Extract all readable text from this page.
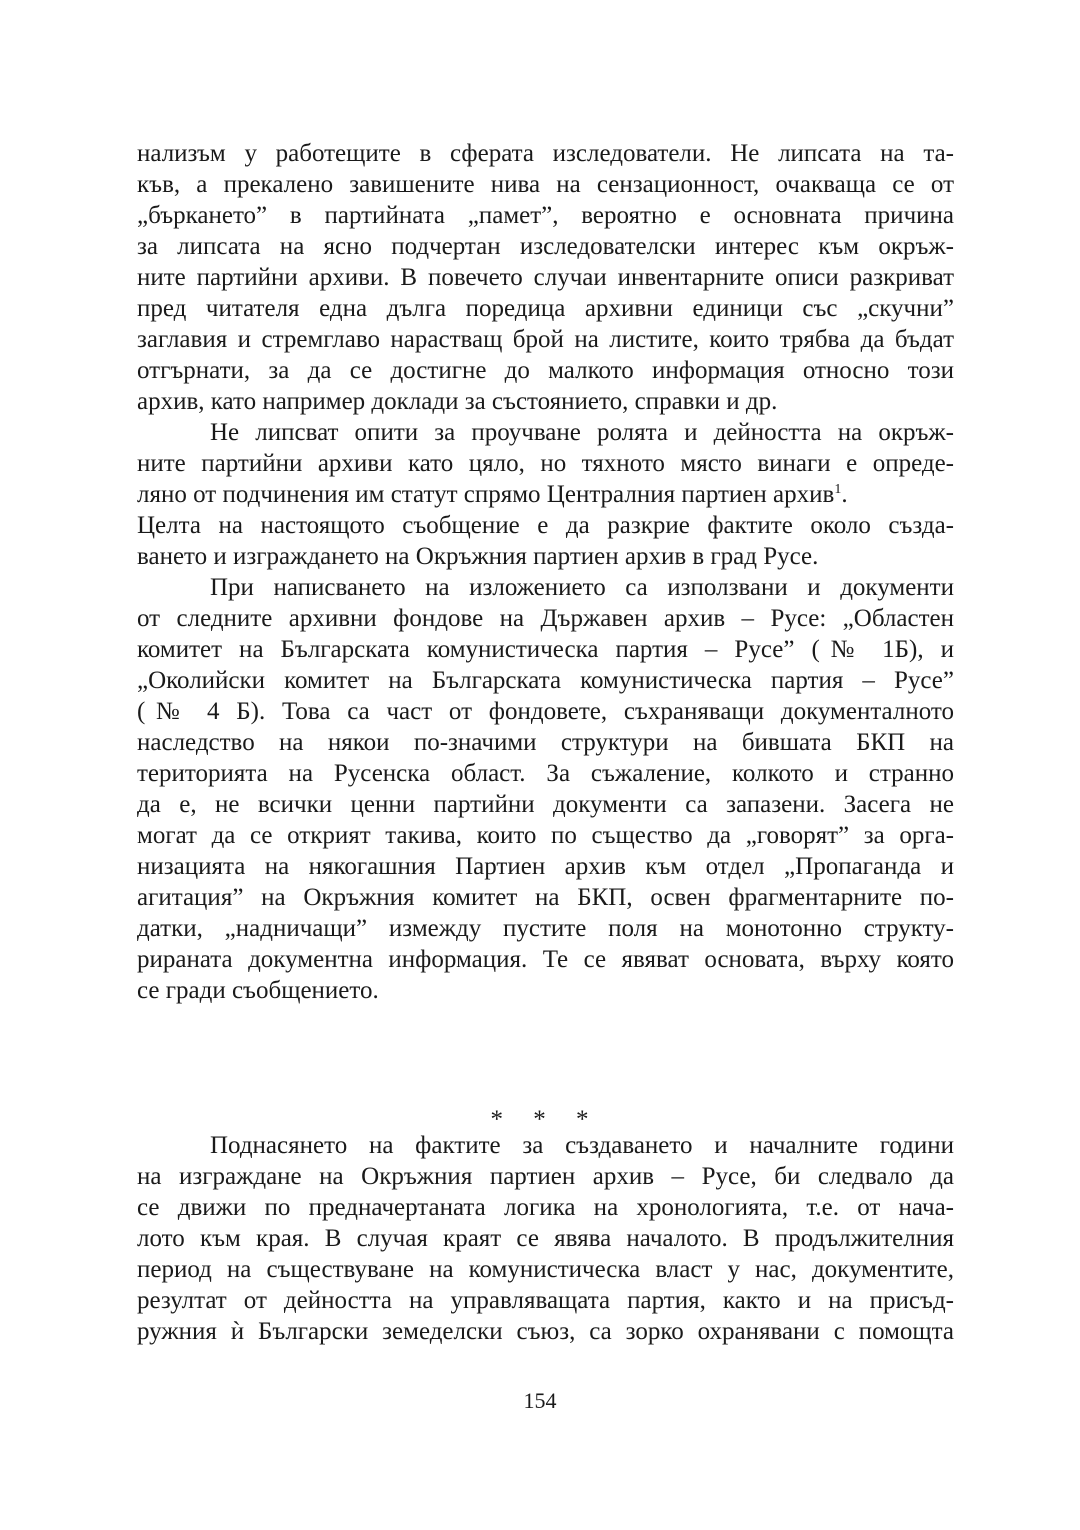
нализъм у работещите в сферата изследователи. Не липсата на та-
къв, а прекалено завишените нива на сензационност, очакваща се от
„бъркането” в партийната „памет”, вероятно е основната причина
за липсата на ясно подчертан изследователски интерес към окръж-
ните партийни архиви. В повечето случаи инвентарните описи разкриват
пред читателя една дълга поредица архивни единици със „скучни”
заглавия и стремглаво нарастващ брой на листите, които трябва да бъдат
отгърнати, за да се достигне до малкото информация относно този
архив, като например доклади за състоянието, справки и др.
Не липсват опити за проучване ролята и дейността на окръж-
ните партийни архиви като цяло, но тяхното място винаги е опреде-
ляно от подчинения им статут спрямо Централния партиен архив$^1$.
Целта на настоящото съобщение е да разкрие фактите около създа-
ването и изграждането на Окръжния партиен архив в град Русе.
При написването на изложението са използвани и документи
от следните архивни фондове на Държавен архив – Русе: „Областен
комитет на Българската комунистическа партия – Русе” (№ 1Б), и
„Околийски комитет на Българската комунистическа партия – Русе”
(№ 4 Б). Това са част от фондовете, съхраняващи документалното
наследство на някои по-значими структури на бившата БКП на
територията на Русенска област. За съжаление, колкото и странно
да е, не всички ценни партийни документи са запазени. Засега не
могат да се открият такива, които по същество да „говорят” за орга-
низацията на някогашния Партиен архив към отдел „Пропаганда и
агитация” на Окръжния комитет на БКП, освен фрагментарните по-
датки, „надничащи” измежду пустите поля на монотонно структу-
рираната документна информация. Те се явяват основата, върху която
се гради съобщението.
* * *
Поднасянето на фактите за създаването и началните години
на изграждане на Окръжния партиен архив – Русе, би следвало да
се движи по предначертаната логика на хронологията, т.е. от нача-
лото към края. В случая краят се явява началото. В продължителния
период на съществуване на комунистическа власт у нас, документите,
резултат от дейността на управляващата партия, както и на присъд-
ружния ѝ Български земеделски съюз, са зорко охранявани с помощта
154
